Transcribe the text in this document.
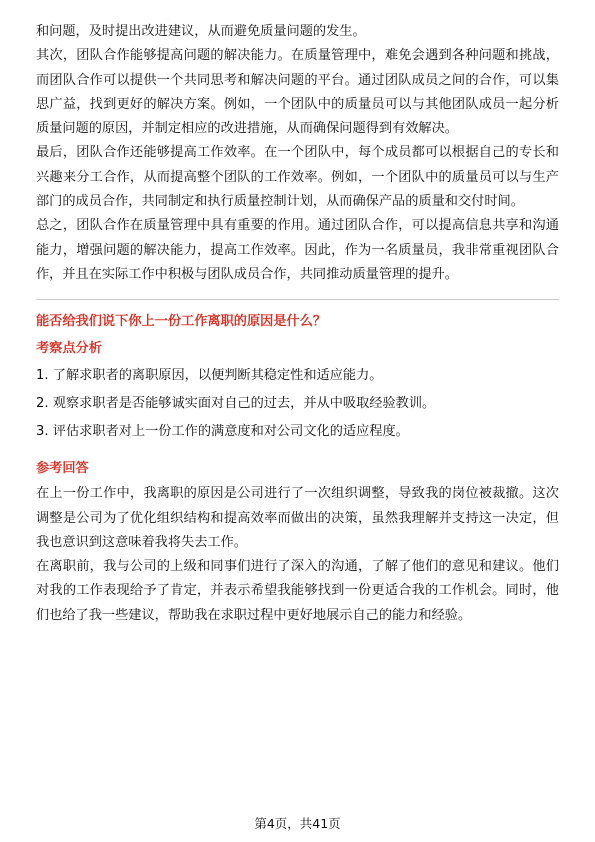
和问题，及时提出改进建议，从而避免质量问题的发生。

其次，团队合作能够提高问题的解决能力。在质量管理中，难免会遇到各种问题和挑战，而团队合作可以提供一个共同思考和解决问题的平台。通过团队成员之间的合作，可以集思广益，找到更好的解决方案。例如，一个团队中的质量员可以与其他团队成员一起分析质量问题的原因，并制定相应的改进措施，从而确保问题得到有效解决。

最后，团队合作还能够提高工作效率。在一个团队中，每个成员都可以根据自己的专长和兴趣来分工合作，从而提高整个团队的工作效率。例如，一个团队中的质量员可以与生产部门的成员合作，共同制定和执行质量控制计划，从而确保产品的质量和交付时间。

总之，团队合作在质量管理中具有重要的作用。通过团队合作，可以提高信息共享和沟通能力，增强问题的解决能力，提高工作效率。因此，作为一名质量员，我非常重视团队合作，并且在实际工作中积极与团队成员合作，共同推动质量管理的提升。

能否给我们说下你上一份工作离职的原因是什么？

考察点分析

1. 了解求职者的离职原因，以便判断其稳定性和适应能力。

2. 观察求职者是否能够诚实面对自己的过去，并从中吸取经验教训。

3. 评估求职者对上一份工作的满意度和对公司文化的适应程度。

参考回答

在上一份工作中，我离职的原因是公司进行了一次组织调整，导致我的岗位被裁撤。这次调整是公司为了优化组织结构和提高效率而做出的决策，虽然我理解并支持这一决定，但我也意识到这意味着我将失去工作。

在离职前，我与公司的上级和同事们进行了深入的沟通，了解了他们的意见和建议。他们对我的工作表现给予了肯定，并表示希望我能够找到一份更适合我的工作机会。同时，他们也给了我一些建议，帮助我在求职过程中更好地展示自己的能力和经验。

第4页，共41页
